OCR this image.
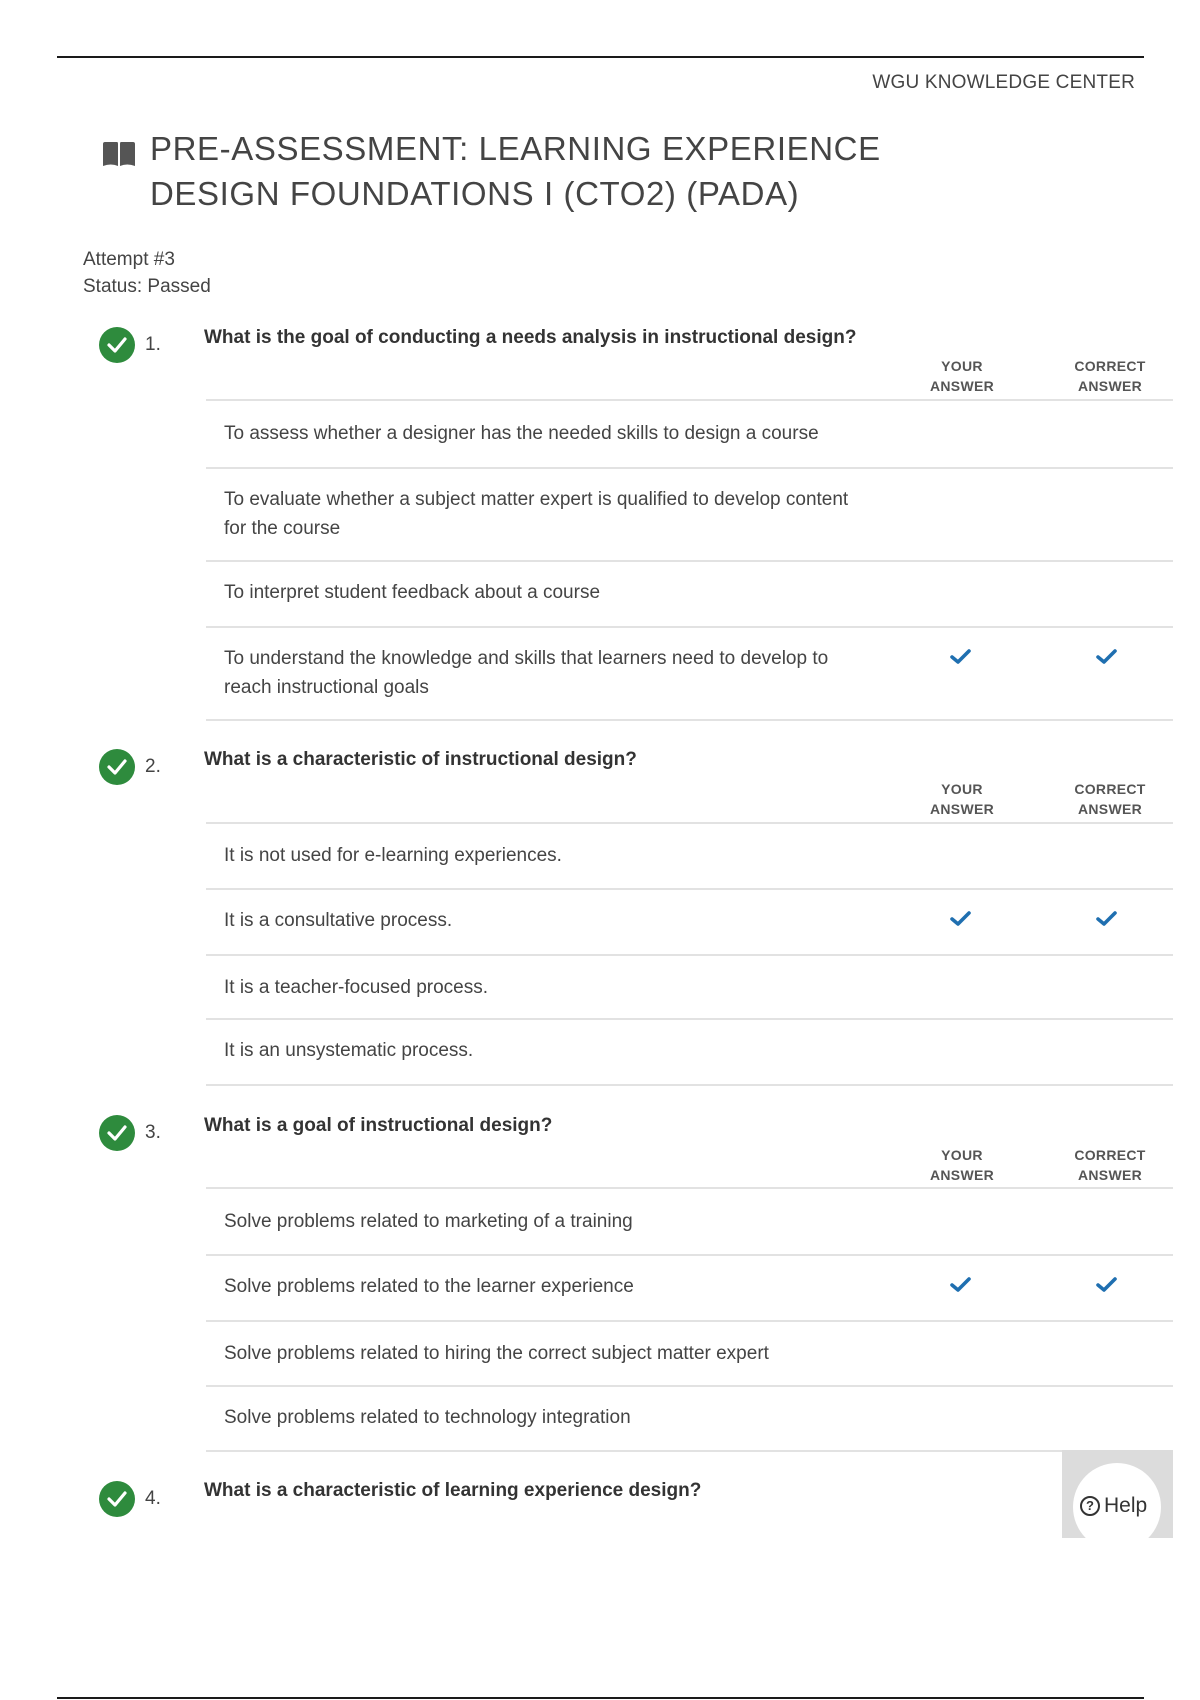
WGU KNOWLEDGE CENTER
PRE-ASSESSMENT: LEARNING EXPERIENCE DESIGN FOUNDATIONS I (CTO2) (PADA)
Attempt #3
Status: Passed
1. What is the goal of conducting a needs analysis in instructional design?
YOUR
ANSWER
CORRECT
ANSWER
To assess whether a designer has the needed skills to design a course
To evaluate whether a subject matter expert is qualified to develop content for the course
To interpret student feedback about a course
To understand the knowledge and skills that learners need to develop to reach instructional goals
2. What is a characteristic of instructional design?
YOUR
ANSWER
CORRECT
ANSWER
It is not used for e-learning experiences.
It is a consultative process.
It is a teacher-focused process.
It is an unsystematic process.
3. What is a goal of instructional design?
YOUR
ANSWER
CORRECT
ANSWER
Solve problems related to marketing of a training
Solve problems related to the learner experience
Solve problems related to hiring the correct subject matter expert
Solve problems related to technology integration
4. What is a characteristic of learning experience design?
? Help
